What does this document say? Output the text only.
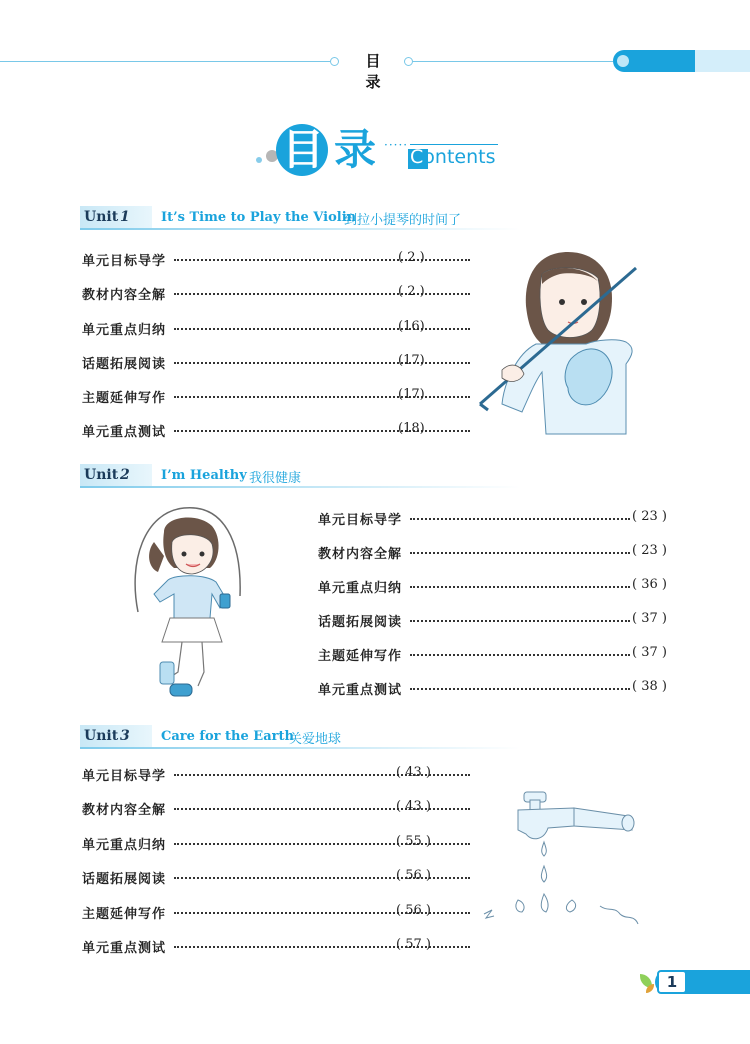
目 录
目 录 ·····
Contents
Unit 1 It’s Time to Play the Violin
到拉小提琴的时间了
单元目标导学	( 2 )
教材内容全解	( 2 )
单元重点归纳	(16)
话题拓展阅读	(17)
主题延伸写作	(17)
单元重点测试	(18)
Unit 2 I’m Healthy 我很健康
单元目标导学	( 23 )
教材内容全解	( 23 )
单元重点归纳	( 36 )
话题拓展阅读	( 37 )
主题延伸写作	( 37 )
单元重点测试	( 38 )
Unit 3 Care for the Earth
关爱地球
单元目标导学	( 43 )
教材内容全解	( 43 )
单元重点归纳	( 55 )
话题拓展阅读	( 56 )
主题延伸写作	( 56 )
单元重点测试	( 57 )
1
